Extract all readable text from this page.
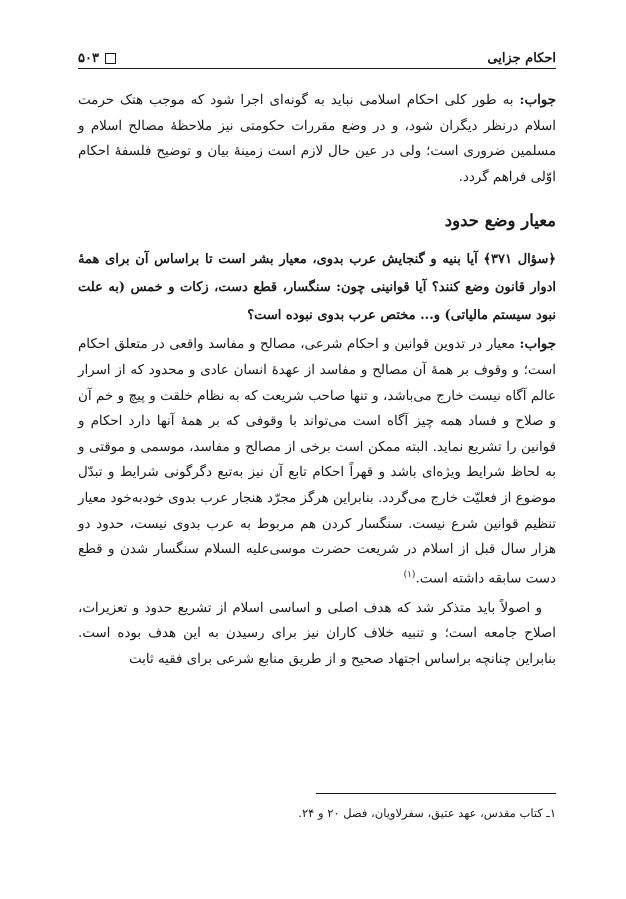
احکام جزایی
۵۰۳

جواب: به طور کلی احکام اسلامی نباید به گونه‌ای اجرا شود که موجب هتک حرمت اسلام درنظر دیگران شود، و در وضع مقررات حکومتی نیز ملاحظهٔ مصالح اسلام و مسلمین ضروری است؛ ولی در عین حال لازم است زمینهٔ بیان و توضیح فلسفهٔ احکام اوّلی فراهم گردد.

معیار وضع حدود

﴿سؤال ۳۷۱﴾ آیا بنیه و گنجایش عرب بدوی، معیار بشر است تا براساس آن برای همهٔ ادوار قانون وضع کنند؟ آیا قوانینی چون: سنگسار، قطع دست، زکات و خمس (به علت نبود سیستم مالیاتی) و... مختص عرب بدوی نبوده است؟

جواب: معیار در تدوین قوانین و احکام شرعی، مصالح و مفاسد واقعی در متعلق احکام است؛ و وقوف بر همهٔ آن مصالح و مفاسد از عهدهٔ انسان عادی و محدود که از اسرار عالم آگاه نیست خارج می‌باشد، و تنها صاحب شریعت که به نظام خلقت و پیچ و خم آن و صلاح و فساد همه چیز آگاه است می‌تواند با وقوفی که بر همهٔ آنها دارد احکام و قوانین را تشریع نماید. البته ممکن است برخی از مصالح و مفاسد، موسمی و موقتی و به لحاظ شرایط ویژه‌ای باشد و قهراً احکام تابع آن نیز به‌تبع دگرگونی شرایط و تبدّل موضوع از فعلیّت خارج می‌گردد. بنابراین هرگز مجرّد هنجار عرب بدوی خودبه‌خود معیار تنظیم قوانین شرع نیست. سنگسار کردن هم مربوط به عرب بدوی نیست، حدود دو هزار سال قبل از اسلام در شریعت حضرت موسی‌علیه السلام سنگسار شدن و قطع دست سابقه داشته است.$^{(۱)}$

و اصولاً باید متذکر شد که هدف اصلی و اساسی اسلام از تشریع حدود و تعزیرات، اصلاح جامعه است؛ و تنبیه خلاف کاران نیز برای رسیدن به این هدف بوده است. بنابراین چنانچه براساس اجتهاد صحیح و از طریق منابع شرعی برای فقیه ثابت

۱ـ کتاب مقدس، عهد عتیق، سفرلاویان، فصل ۲۰ و ۲۴.
